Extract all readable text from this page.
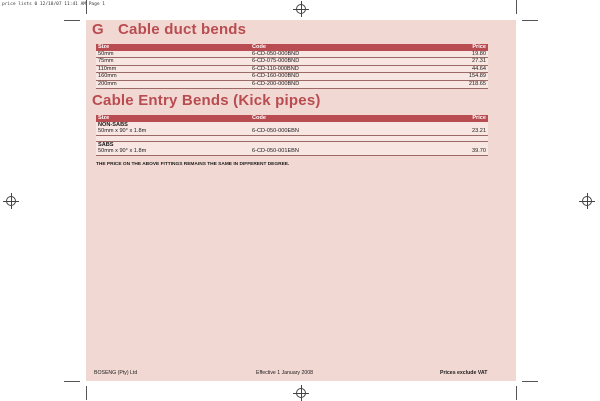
price lists 0 12/18/07 11:41 AM Page 1
G Cable duct bends
Size	Code	Price
50mm	6-CD-050-000BND	19.80
75mm	6-CD-075-000BND	27.31
110mm	6-CD-110-000BND	44.64
160mm	6-CD-160-000BND	154.89
200mm	6-CD-200-000BND	218.65
Cable Entry Bends (Kick pipes)
Size	Code	Price
NON-SABS		
50mm x 90° x 1.8m	6-CD-050-000EBN	23.21

SABS		
50mm x 90° x 1.8m	6-CD-050-001EBN	39.70
THE PRICE ON THE ABOVE FITTINGS REMAINS THE SAME IN DIFFERENT DEGREE.
BOSENG (Pty) Ltd	Effective 1 January 2008	Prices exclude VAT
